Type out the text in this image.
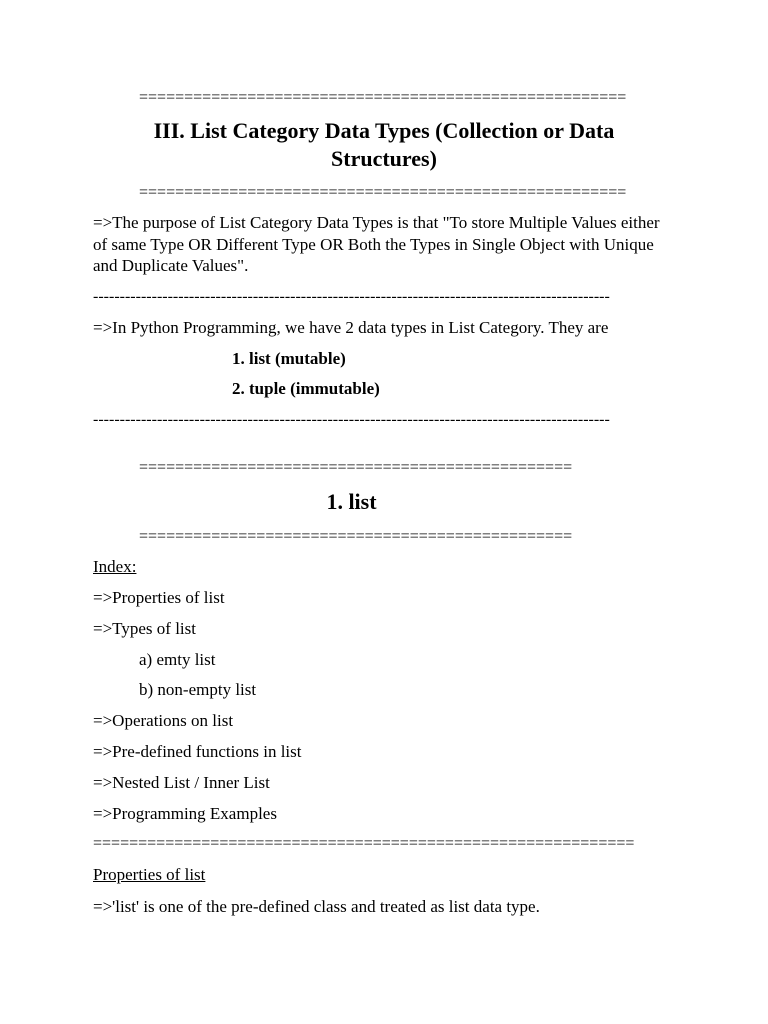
======================================================
III. List Category Data Types (Collection or Data Structures)
======================================================
=>The purpose of List Category Data Types is that "To store Multiple Values either of same Type OR Different Type OR Both the Types in Single Object with Unique and Duplicate Values".
-------------------------------------------------------------------------------------------------
=>In Python Programming, we have 2 data types in List Category. They are
1. list (mutable)
2. tuple (immutable)
-------------------------------------------------------------------------------------------------
================================================
1. list
================================================
Index:
=>Properties of list
=>Types of list
a) emty list
b) non-empty list
=>Operations on list
=>Pre-defined functions in list
=>Nested List / Inner List
=>Programming Examples
============================================================
Properties of list
=>'list' is one of the pre-defined class and treated as list data type.
